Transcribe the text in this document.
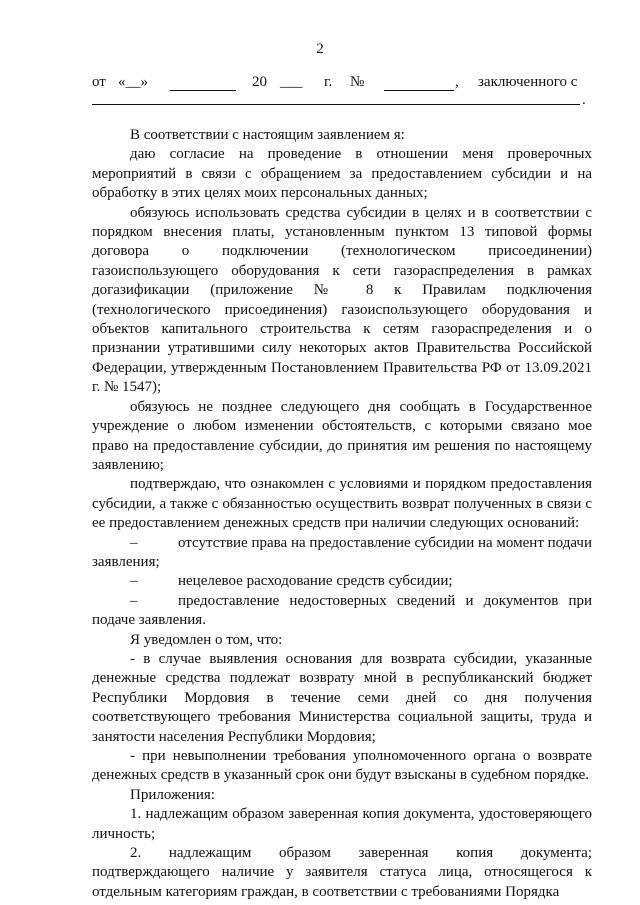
2
от «__»	20 ___ г. №	, заключенного с
.

В соответствии с настоящим заявлением я:

даю согласие на проведение в отношении меня проверочных мероприятий в связи с обращением за предоставлением субсидии и на обработку в этих целях моих персональных данных;

обязуюсь использовать средства субсидии в целях и в соответствии с порядком внесения платы, установленным пунктом 13 типовой формы договора о подключении (технологическом присоединении) газоиспользующего оборудования к сети газораспределения в рамках догазификации (приложение № 8 к Правилам подключения (технологического присоединения) газоиспользующего оборудования и объектов капитального строительства к сетям газораспределения и о признании утратившими силу некоторых актов Правительства Российской Федерации, утвержденным Постановлением Правительства РФ от 13.09.2021 г. № 1547);

обязуюсь не позднее следующего дня сообщать в Государственное учреждение о любом изменении обстоятельств, с которыми связано мое право на предоставление субсидии, до принятия им решения по настоящему заявлению;

подтверждаю, что ознакомлен с условиями и порядком предоставления субсидии, а также с обязанностью осуществить возврат полученных в связи с ее предоставлением денежных средств при наличии следующих оснований:

–	отсутствие права на предоставление субсидии на момент подачи заявления;

–	нецелевое расходование средств субсидии;

–	предоставление недостоверных сведений и документов при подаче заявления.

Я уведомлен о том, что:

- в случае выявления основания для возврата субсидии, указанные денежные средства подлежат возврату мной в республиканский бюджет Республики Мордовия в течение семи дней со дня получения соответствующего требования Министерства социальной защиты, труда и занятости населения Республики Мордовия;

- при невыполнении требования уполномоченного органа о возврате денежных средств в указанный срок они будут взысканы в судебном порядке.

Приложения:

1. надлежащим образом заверенная копия документа, удостоверяющего личность;

2. надлежащим образом заверенная копия документа; подтверждающего наличие у заявителя статуса лица, относящегося к отдельным категориям граждан, в соответствии с требованиями Порядка
